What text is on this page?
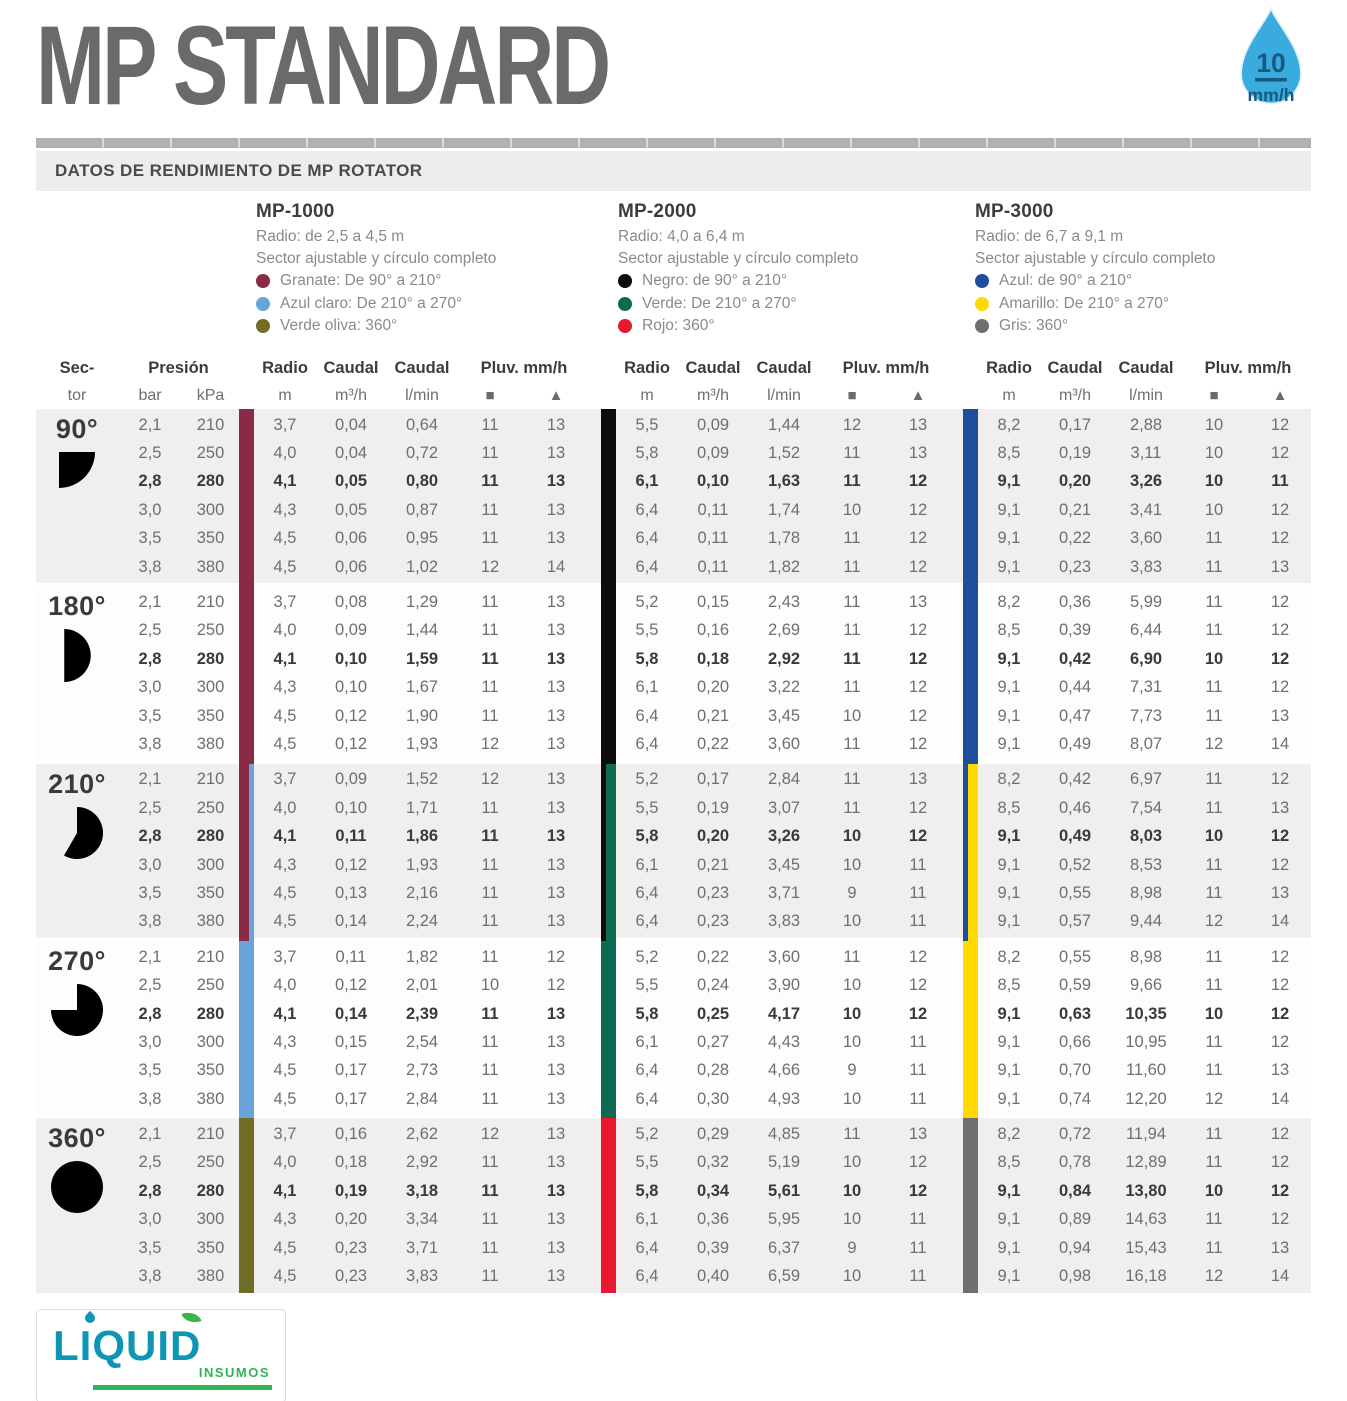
MP STANDARD	10
mm/h
DATOS DE RENDIMIENTO DE MP ROTATOR
MP-1000
Radio: de 2,5 a 4,5 m
Sector ajustable y círculo completo
Granate: De 90° a 210°
Azul claro: De 210° a 270°
Verde oliva: 360°
MP-2000
Radio: 4,0 a 6,4 m
Sector ajustable y círculo completo
Negro: de 90° a 210°
Verde: De 210° a 270°
Rojo: 360°
MP-3000
Radio: de 6,7 a 9,1 m
Sector ajustable y círculo completo
Azul: de 90° a 210°
Amarillo: De 210° a 270°
Gris: 360°
Sec-
tor
Presión
bar	kPa
Radio Caudal Caudal	Pluv. mm/h
m	m³/h	l/min	■	▲
Radio Caudal Caudal	Pluv. mm/h
m	m³/h	l/min	■	▲
Radio Caudal Caudal	Pluv. mm/h
m	m³/h	l/min	■	▲
90°	2,1	210	3,7	0,04	0,64	11	13	5,5	0,09	1,44	12	13	8,2	0,17	2,88	10	12
2,5	250	4,0	0,04	0,72	11	13	5,8	0,09	1,52	11	13	8,5	0,19	3,11	10	12
2,8	280	4,1	0,05	0,80	11	13	6,1	0,10	1,63	11	12	9,1	0,20	3,26	10	11
3,0	300	4,3	0,05	0,87	11	13	6,4	0,11	1,74	10	12	9,1	0,21	3,41	10	12
3,5	350	4,5	0,06	0,95	11	13	6,4	0,11	1,78	11	12	9,1	0,22	3,60	11	12
3,8	380	4,5	0,06	1,02	12	14	6,4	0,11	1,82	11	12	9,1	0,23	3,83	11	13
180°	2,1	210	3,7	0,08	1,29	11	13	5,2	0,15	2,43	11	13	8,2	0,36	5,99	11	12
2,5	250	4,0	0,09	1,44	11	13	5,5	0,16	2,69	11	12	8,5	0,39	6,44	11	12
2,8	280	4,1	0,10	1,59	11	13	5,8	0,18	2,92	11	12	9,1	0,42	6,90	10	12
3,0	300	4,3	0,10	1,67	11	13	6,1	0,20	3,22	11	12	9,1	0,44	7,31	11	12
3,5	350	4,5	0,12	1,90	11	13	6,4	0,21	3,45	10	12	9,1	0,47	7,73	11	13
3,8	380	4,5	0,12	1,93	12	13	6,4	0,22	3,60	11	12	9,1	0,49	8,07	12	14
210°	2,1	210	3,7	0,09	1,52	12	13	5,2	0,17	2,84	11	13	8,2	0,42	6,97	11	12
2,5	250	4,0	0,10	1,71	11	13	5,5	0,19	3,07	11	12	8,5	0,46	7,54	11	13
2,8	280	4,1	0,11	1,86	11	13	5,8	0,20	3,26	10	12	9,1	0,49	8,03	10	12
3,0	300	4,3	0,12	1,93	11	13	6,1	0,21	3,45	10	11	9,1	0,52	8,53	11	12
3,5	350	4,5	0,13	2,16	11	13	6,4	0,23	3,71	9	11	9,1	0,55	8,98	11	13
3,8	380	4,5	0,14	2,24	11	13	6,4	0,23	3,83	10	11	9,1	0,57	9,44	12	14
270°	2,1	210	3,7	0,11	1,82	11	12	5,2	0,22	3,60	11	12	8,2	0,55	8,98	11	12
2,5	250	4,0	0,12	2,01	10	12	5,5	0,24	3,90	10	12	8,5	0,59	9,66	11	12
2,8	280	4,1	0,14	2,39	11	13	5,8	0,25	4,17	10	12	9,1	0,63	10,35	10	12
3,0	300	4,3	0,15	2,54	11	13	6,1	0,27	4,43	10	11	9,1	0,66	10,95	11	12
3,5	350	4,5	0,17	2,73	11	13	6,4	0,28	4,66	9	11	9,1	0,70	11,60	11	13
3,8	380	4,5	0,17	2,84	11	13	6,4	0,30	4,93	10	11	9,1	0,74	12,20	12	14
360°	2,1	210	3,7	0,16	2,62	12	13	5,2	0,29	4,85	11	13	8,2	0,72	11,94	11	12
2,5	250	4,0	0,18	2,92	11	13	5,5	0,32	5,19	10	12	8,5	0,78	12,89	11	12
2,8	280	4,1	0,19	3,18	11	13	5,8	0,34	5,61	10	12	9,1	0,84	13,80	10	12
3,0	300	4,3	0,20	3,34	11	13	6,1	0,36	5,95	10	11	9,1	0,89	14,63	11	12
3,5	350	4,5	0,23	3,71	11	13	6,4	0,39	6,37	9	11	9,1	0,94	15,43	11	13
3,8	380	4,5	0,23	3,83	11	13	6,4	0,40	6,59	10	11	9,1	0,98	16,18	12	14
LIQUID
INSUMOS
